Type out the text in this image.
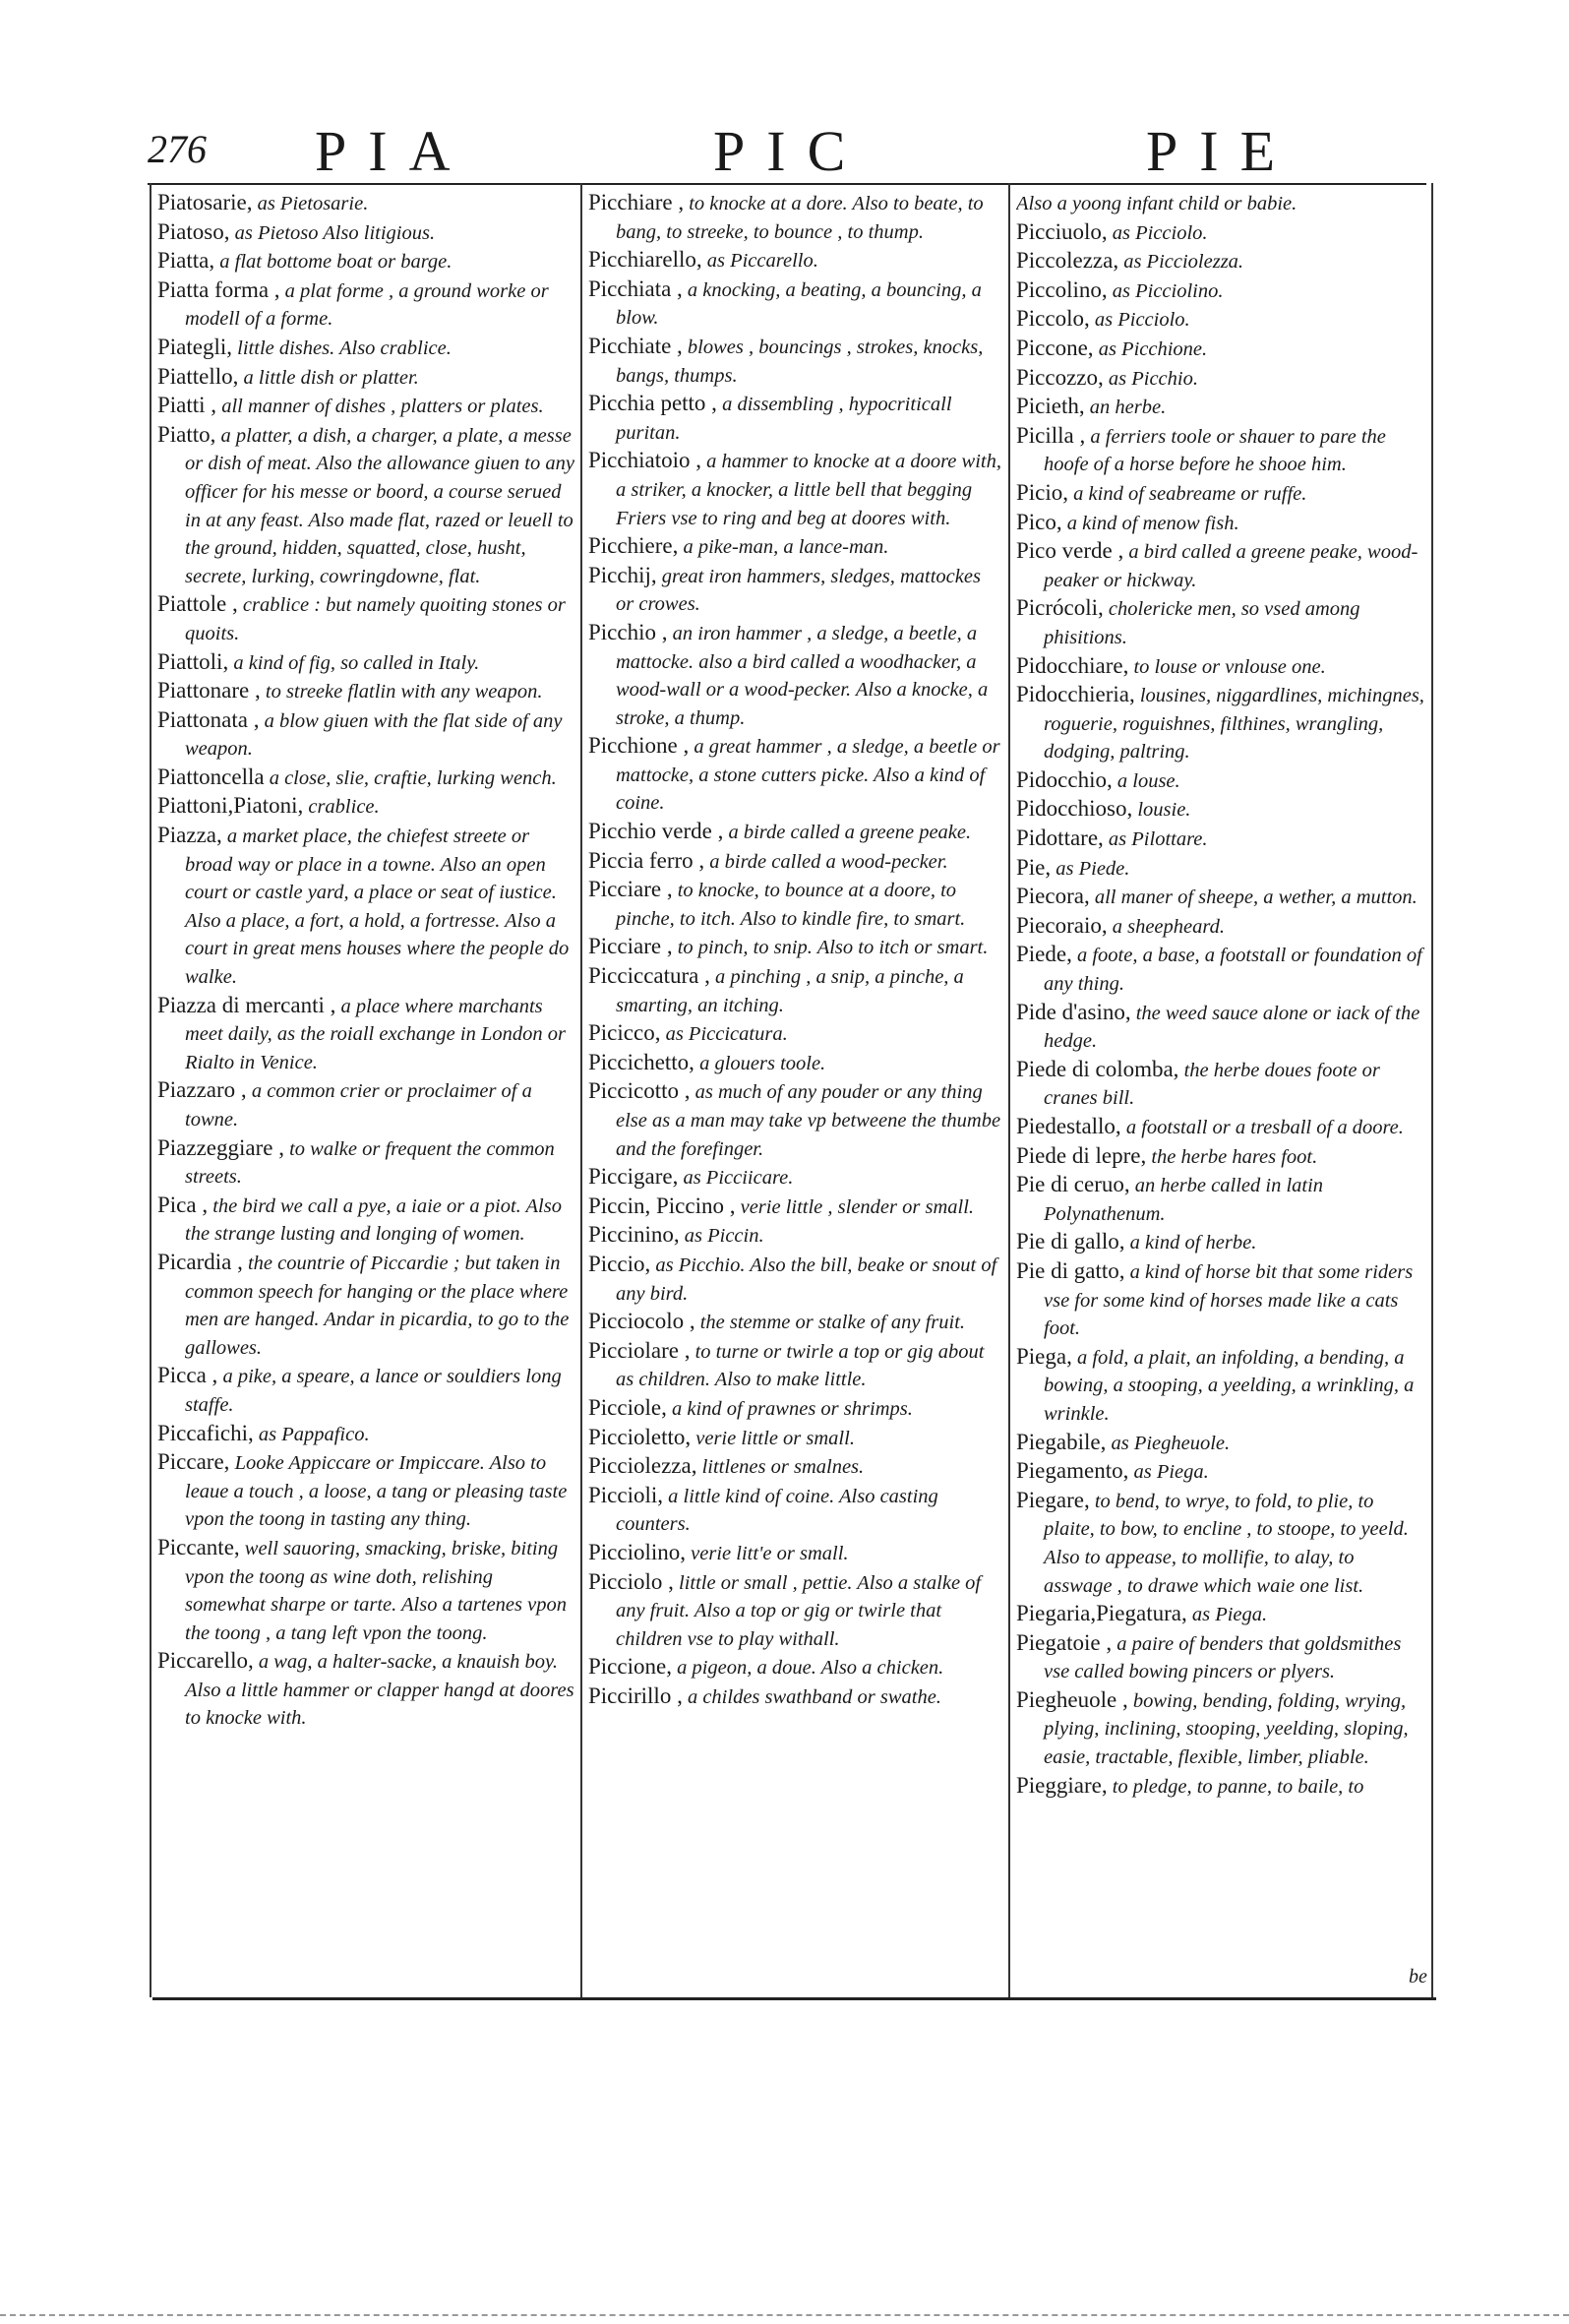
276 PIA	PIC	PIE

Piatosarie, as Pietosarie.

Piatoso, as Pietoso Also litigious.

Piatta, a flat bottome boat or barge.

Piatta forma , a plat forme , a ground worke or modell of a forme.

Piategli, little dishes. Also crablice.

Piattello, a little dish or platter.

Piatti , all manner of dishes , platters or plates.

Piatto, a platter, a dish, a charger, a plate, a messe or dish of meat. Also the allowance giuen to any officer for his messe or boord, a course serued in at any feast. Also made flat, razed or leuell to the ground, hidden, squatted, close, husht, secrete, lurking, cowringdowne, flat.

Piattole , crablice : but namely quoiting stones or quoits.

Piattoli, a kind of fig, so called in Italy.

Piattonare , to streeke flatlin with any weapon.

Piattonata , a blow giuen with the flat side of any weapon.

Piattoncella a close, slie, craftie, lurking wench.

Piattoni,Piatoni, crablice.

Piazza, a market place, the chiefest streete or broad way or place in a towne. Also an open court or castle yard, a place or seat of iustice. Also a place, a fort, a hold, a fortresse. Also a court in great mens houses where the people do walke.

Piazza di mercanti , a place where marchants meet daily, as the roiall exchange in London or Rialto in Venice.

Piazzaro , a common crier or proclaimer of a towne.

Piazzeggiare , to walke or frequent the common streets.

Pica , the bird we call a pye, a iaie or a piot. Also the strange lusting and longing of women.

Picardia , the countrie of Piccardie ; but taken in common speech for hanging or the place where men are hanged. Andar in picardia, to go to the gallowes.

Picca , a pike, a speare, a lance or souldiers long staffe.

Piccafichi, as Pappafico.

Piccare, Looke Appiccare or Impiccare. Also to leaue a touch , a loose, a tang or pleasing taste vpon the toong in tasting any thing.

Piccante, well sauoring, smacking, briske, biting vpon the toong as wine doth, relishing somewhat sharpe or tarte. Also a tartenes vpon the toong , a tang left vpon the toong.

Piccarello, a wag, a halter-sacke, a knauish boy. Also a little hammer or clapper hangd at doores to knocke with.

Picchiare , to knocke at a dore. Also to beate, to bang, to streeke, to bounce , to thump.

Picchiarello, as Piccarello.

Picchiata , a knocking, a beating, a bouncing, a blow.

Picchiate , blowes , bouncings , strokes, knocks, bangs, thumps.

Picchia petto , a dissembling , hypocriticall puritan.

Picchiatoio , a hammer to knocke at a doore with, a striker, a knocker, a little bell that begging Friers vse to ring and beg at doores with.

Picchiere, a pike-man, a lance-man.

Picchij, great iron hammers, sledges, mattockes or crowes.

Picchio , an iron hammer , a sledge, a beetle, a mattocke. also a bird called a woodhacker, a wood-wall or a wood-pecker. Also a knocke, a stroke, a thump.

Picchione , a great hammer , a sledge, a beetle or mattocke, a stone cutters picke. Also a kind of coine.

Picchio verde , a birde called a greene peake.

Piccia ferro , a birde called a wood-pecker.

Picciare , to knocke, to bounce at a doore, to pinche, to itch. Also to kindle fire, to smart.

Picciare , to pinch, to snip. Also to itch or smart.

Picciccatura , a pinching , a snip, a pinche, a smarting, an itching.

Picicco, as Piccicatura.

Piccichetto, a glouers toole.

Piccicotto , as much of any pouder or any thing else as a man may take vp betweene the thumbe and the forefinger.

Piccigare, as Picciicare.

Piccin, Piccino , verie little , slender or small.

Piccinino, as Piccin.

Piccio, as Picchio. Also the bill, beake or snout of any bird.

Picciocolo , the stemme or stalke of any fruit.

Picciolare , to turne or twirle a top or gig about as children. Also to make little.

Picciole, a kind of prawnes or shrimps.

Piccioletto, verie little or small.

Picciolezza, littlenes or smalnes.

Piccioli, a little kind of coine. Also casting counters.

Picciolino, verie litt'e or small.

Picciolo , little or small , pettie. Also a stalke of any fruit. Also a top or gig or twirle that children vse to play withall.

Piccione, a pigeon, a doue. Also a chicken.

Piccirillo , a childes swathband or swathe.

Also a yoong infant child or babie.

Picciuolo, as Picciolo.

Piccolezza, as Picciolezza.

Piccolino, as Picciolino.

Piccolo, as Picciolo.

Piccone, as Picchione.

Piccozzo, as Picchio.

Picieth, an herbe.

Picilla , a ferriers toole or shauer to pare the hoofe of a horse before he shooe him.

Picio, a kind of seabreame or ruffe.

Pico, a kind of menow fish.

Pico verde , a bird called a greene peake, wood-peaker or hickway.

Picrócoli, cholericke men, so vsed among phisitions.

Pidocchiare, to louse or vnlouse one.

Pidocchieria, lousines, niggardlines, michingnes, roguerie, roguishnes, filthines, wrangling, dodging, paltring.

Pidocchio, a louse.

Pidocchioso, lousie.

Pidottare, as Pilottare.

Pie, as Piede.

Piecora, all maner of sheepe, a wether, a mutton.

Piecoraio, a sheepheard.

Piede, a foote, a base, a footstall or foundation of any thing.

Pide d'asino, the weed sauce alone or iack of the hedge.

Piede di colomba, the herbe doues foote or cranes bill.

Piedestallo, a footstall or a tresball of a doore.

Piede di lepre, the herbe hares foot.

Pie di ceruo, an herbe called in latin Polynathenum.

Pie di gallo, a kind of herbe.

Pie di gatto, a kind of horse bit that some riders vse for some kind of horses made like a cats foot.

Piega, a fold, a plait, an infolding, a bending, a bowing, a stooping, a yeelding, a wrinkling, a wrinkle.

Piegabile, as Piegheuole.

Piegamento, as Piega.

Piegare, to bend, to wrye, to fold, to plie, to plaite, to bow, to encline , to stoope, to yeeld. Also to appease, to mollifie, to alay, to asswage , to drawe which waie one list.

Piegaria,Piegatura, as Piega.

Piegatoie , a paire of benders that goldsmithes vse called bowing pincers or plyers.

Piegheuole , bowing, bending, folding, wrying, plying, inclining, stooping, yeelding, sloping, easie, tractable, flexible, limber, pliable.

Pieggiare, to pledge, to panne, to baile, to

be
